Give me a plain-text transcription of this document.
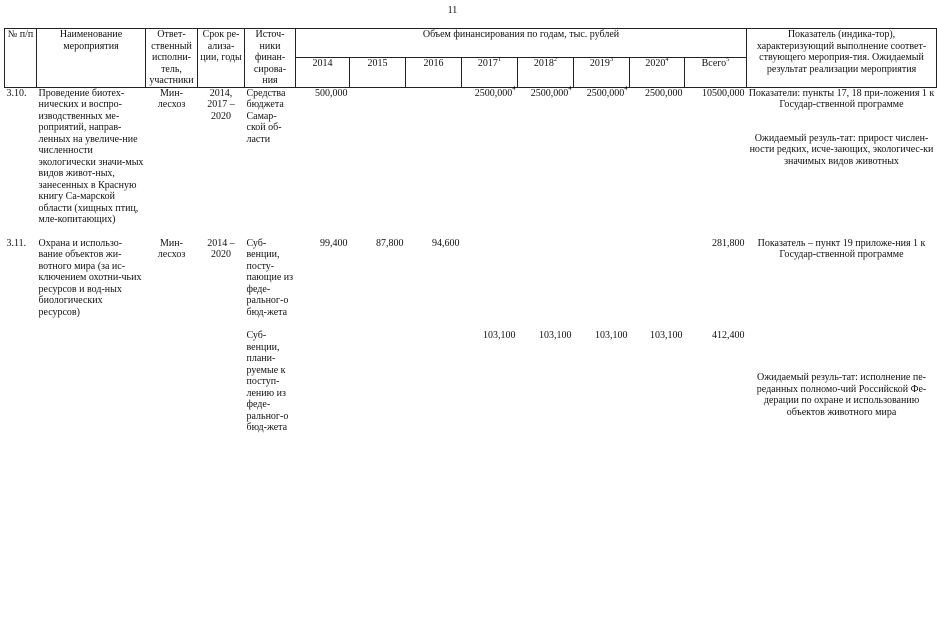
11
№ п/п	Наименование мероприятия	Ответ-ственный исполни-тель, участники	Срок ре-ализа-ции, годы	Источ-ники финан-сирова-ния	Объем финансирования по годам, тыс. рублей								Показатель (индика-тор), характеризующий выполнение соответ-ствующего мероприя-тия. Ожидаемый результат реализации мероприятия
					2014	2015	2016	2017$^1$	2018$^2$	2019$^3$	2020$^4$	Всего$^5$
3.10.	Проведение биотех-нических и воспро-изводственных ме-роприятий, направ-ленных на увеличе-ние численности экологически значи-мых видов живот-ных, занесенных в Красную книгу Са-марской области (хищных птиц, мле-копитающих)	Мин-лесхоз	2014, 2017 – 2020	Средства бюджета Самар-ской об-ласти	500,000			2500,000$^4$	2500,000$^4$	2500,000$^4$	2500,000	10500,000	Показатели: пункты 17, 18 при-ложения 1 к Государ-ственной программе
Ожидаемый резуль-тат: прирост числен-ности редких, исче-зающих, экологичес-ки значимых видов животных

3.11.	Охрана и использо-вание объектов жи-вотного мира (за ис-ключением охотни-чьих ресурсов и вод-ных биологических ресурсов)	Мин-лесхоз	2014 – 2020	Суб-венции, посту-пающие из феде-ральног-о бюд-жета	99,400	87,800	94,600					281,800	Показатель – пункт 19 приложе-ния 1 к Государ-ственной программе

				Суб-венции, плани-руемые к поступ-лению из феде-ральног-о бюд-жета				103,100	103,100	103,100	103,100	412,400	Ожидаемый резуль-тат: исполнение пе-реданных полномо-чий Российской Фе-дерации по охране и использованию объектов животного мира
